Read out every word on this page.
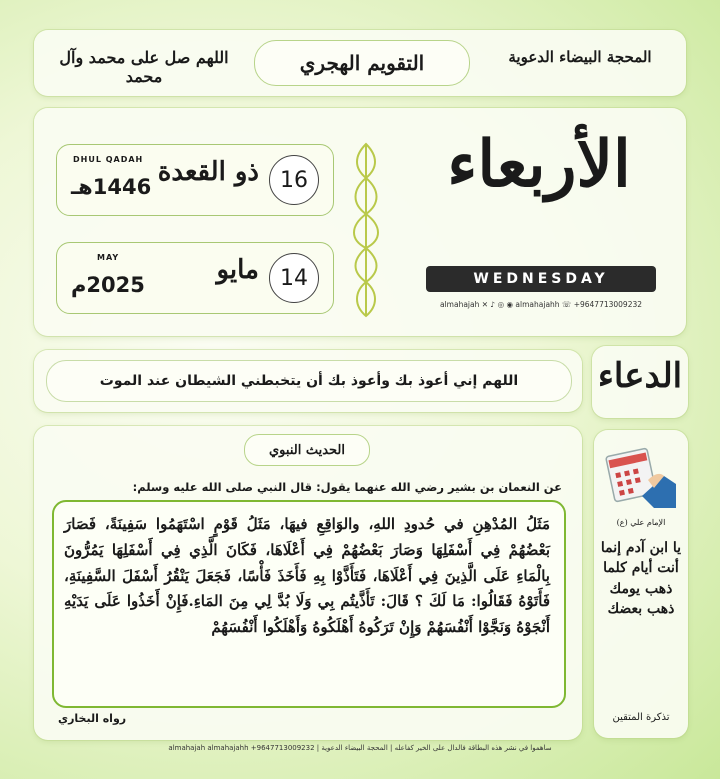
اللهم صل على محمد وآل محمد
التقويم الهجري	المحجة البيضاء الدعوية
16
ذو القعدة
DHUL QADAH
1446هـ
14
مايو
MAY
2025م
الأربعاء
WEDNESDAY
almahajah ✕ ♪ ◎ ◉ almahajahh ☏ +9647713009232
اللهم إني أعوذ بك وأعوذ بك أن يتخبطني الشيطان عند الموت	الدعاء
الحديث النبوي
عن النعمان بن بشير رضي الله عنهما يقول: قال النبي صلى الله عليه وسلم:
مَثَلُ المُدْهِنِ في حُدودِ اللهِ، والوَاقِعِ فيهَا، مَثَلُ قَوْمٍ اسْتَهَمُوا سَفِينَةً، فَصَارَ بَعْضُهُمْ فِي أَسْفَلِهَا وَصَارَ بَعْضُهُمْ فِي أَعْلَاهَا، فَكَانَ الَّذِي فِي أَسْفَلِهَا يَمُرُّونَ بِالْمَاءِ عَلَى الَّذِينَ فِي أَعْلَاهَا، فَتَأَذَّوْا بِهِ فَأَخَذَ فَأْسًا، فَجَعَلَ يَنْقُرُ أَسْفَلَ السَّفِينَةِ، فَأَتَوْهُ فَقَالُوا: مَا لَكَ ؟ قَالَ: تَأَذَّيتُم بِي وَلَا بُدَّ لِي مِنَ المَاءِ.فَإِنْ أَخَذُوا عَلَى يَدَيْهِ أَنْجَوْهُ وَنَجَّوْا أَنْفُسَهُمْ وَإِنْ تَرَكُوهُ أَهْلَكُوهُ وَأَهْلَكُوا أَنْفُسَهُمْ
رواه البخاري
الإمام علي (ع)
يا ابن آدم إنما أنت أيام كلما ذهب يومك ذهب بعضك
تذكرة المتقين
ساهموا في نشر هذه البطاقة فالدال على الخير كفاعله | المحجة البيضاء الدعوية | almahajah almahajahh +9647713009232
